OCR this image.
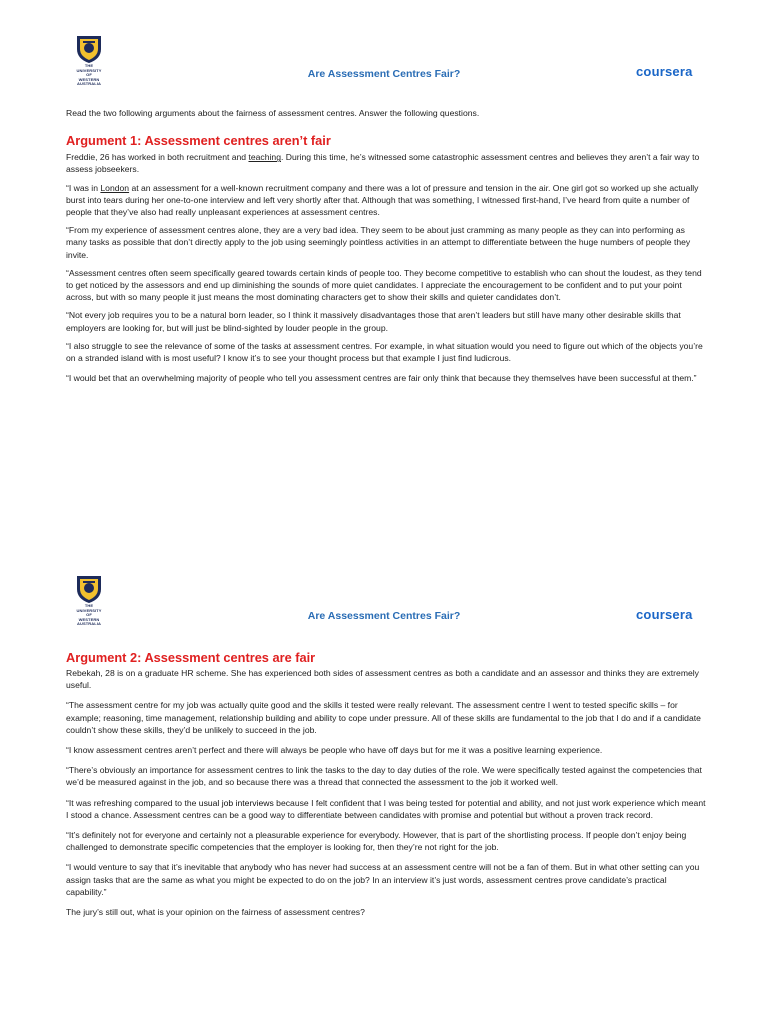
THE UNIVERSITY OF
WESTERN
AUSTRALIA
Are Assessment Centres Fair?	coursera

Read the two following arguments about the fairness of assessment centres. Answer the following questions.

Argument 1: Assessment centres aren’t fair

Freddie, 26 has worked in both recruitment and teaching. During this time, he’s witnessed some catastrophic assessment centres and believes they aren’t a fair way to assess jobseekers.

“I was in London at an assessment for a well-known recruitment company and there was a lot of pressure and tension in the air. One girl got so worked up she actually burst into tears during her one-to-one interview and left very shortly after that. Although that was something, I witnessed first-hand, I’ve heard from quite a number of people that they’ve also had really unpleasant experiences at assessment centres.

“From my experience of assessment centres alone, they are a very bad idea. They seem to be about just cramming as many people as they can into performing as many tasks as possible that don’t directly apply to the job using seemingly pointless activities in an attempt to differentiate between the huge numbers of people they invite.

“Assessment centres often seem specifically geared towards certain kinds of people too. They become competitive to establish who can shout the loudest, as they tend to get noticed by the assessors and end up diminishing the sounds of more quiet candidates. I appreciate the encouragement to be confident and to put your point across, but with so many people it just means the most dominating characters get to show their skills and quieter candidates don’t.

“Not every job requires you to be a natural born leader, so I think it massively disadvantages those that aren’t leaders but still have many other desirable skills that employers are looking for, but will just be blind-sighted by louder people in the group.

“I also struggle to see the relevance of some of the tasks at assessment centres. For example, in what situation would you need to figure out which of the objects you’re on a stranded island with is most useful? I know it’s to see your thought process but that example I just find ludicrous.

“I would bet that an overwhelming majority of people who tell you assessment centres are fair only think that because they themselves have been successful at them.”

THE UNIVERSITY OF
WESTERN
AUSTRALIA
Are Assessment Centres Fair?	coursera

Argument 2: Assessment centres are fair

Rebekah, 28 is on a graduate HR scheme. She has experienced both sides of assessment centres as both a candidate and an assessor and thinks they are extremely useful.

“The assessment centre for my job was actually quite good and the skills it tested were really relevant. The assessment centre I went to tested specific skills – for example; reasoning, time management, relationship building and ability to cope under pressure. All of these skills are fundamental to the job that I do and if a candidate couldn’t show these skills, they’d be unlikely to succeed in the job.

“I know assessment centres aren’t perfect and there will always be people who have off days but for me it was a positive learning experience.

“There’s obviously an importance for assessment centres to link the tasks to the day to day duties of the role. We were specifically tested against the competencies that we’d be measured against in the job, and so because there was a thread that connected the assessment to the job it worked well.

“It was refreshing compared to the usual job interviews because I felt confident that I was being tested for potential and ability, and not just work experience which meant I stood a chance. Assessment centres can be a good way to differentiate between candidates with promise and potential but without a proven track record.

“It’s definitely not for everyone and certainly not a pleasurable experience for everybody. However, that is part of the shortlisting process. If people don’t enjoy being challenged to demonstrate specific competencies that the employer is looking for, then they’re not right for the job.

“I would venture to say that it’s inevitable that anybody who has never had success at an assessment centre will not be a fan of them. But in what other setting can you assign tasks that are the same as what you might be expected to do on the job? In an interview it’s just words, assessment centres prove candidate’s practical capability.”

The jury’s still out, what is your opinion on the fairness of assessment centres?
